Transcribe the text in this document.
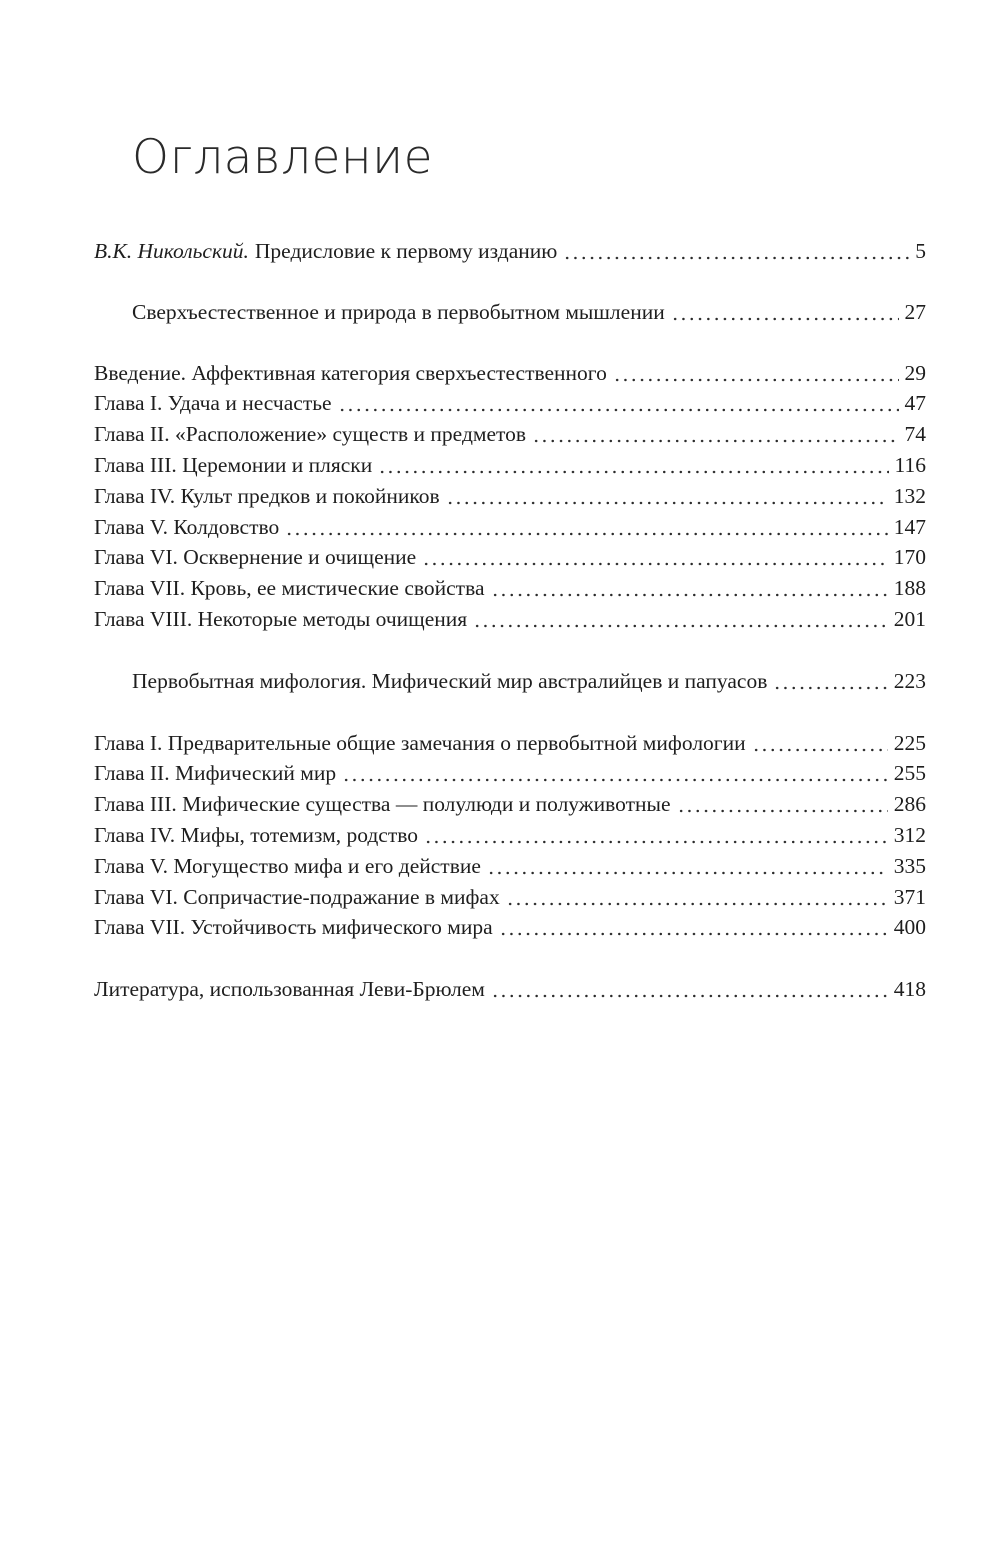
Оглавление
В.К. Никольский. Предисловие к первому изданию	5
Сверхъестественное и природа в первобытном мышлении	27
Введение. Аффективная категория сверхъестественного	29
Глава I. Удача и несчастье	47
Глава II. «Расположение» существ и предметов	74
Глава III. Церемонии и пляски	116
Глава IV. Культ предков и покойников	132
Глава V. Колдовство	147
Глава VI. Осквернение и очищение	170
Глава VII. Кровь, ее мистические свойства	188
Глава VIII. Некоторые методы очищения	201
Первобытная мифология. Мифический мир австралийцев и папуасов	223
Глава I. Предварительные общие замечания о первобытной мифологии	225
Глава II. Мифический мир	255
Глава III. Мифические существа — полулюди и полуживотные	286
Глава IV. Мифы, тотемизм, родство	312
Глава V. Могущество мифа и его действие	335
Глава VI. Сопричастие-подражание в мифах	371
Глава VII. Устойчивость мифического мира	400
Литература, использованная Леви-Брюлем	418
